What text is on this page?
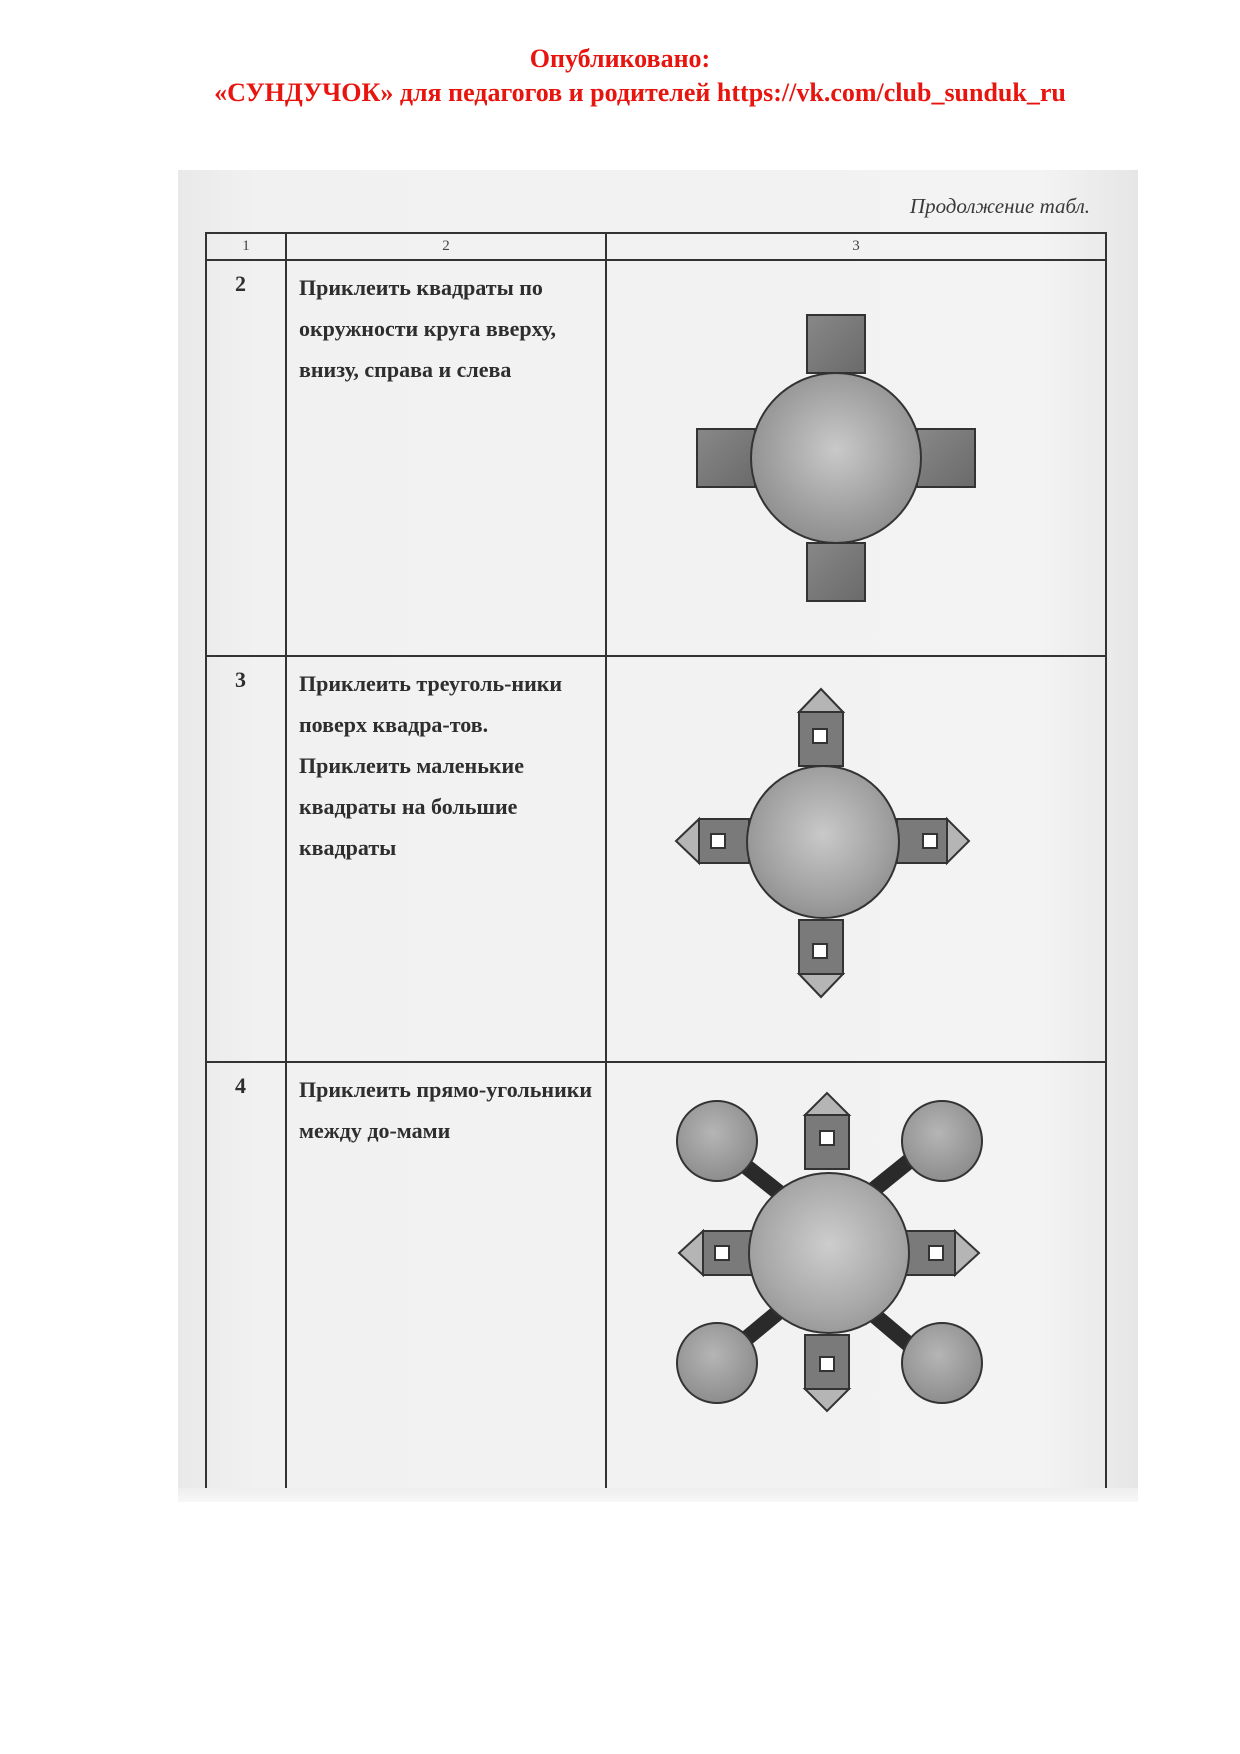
Опубликовано:
«СУНДУЧОК» для педагогов и родителей https://vk.com/club_sunduk_ru
Продолжение табл.
1	2	3
2	Приклеить квадраты по окружности круга вверху, внизу, справа и слева

3	Приклеить треуголь-ники поверх квадра-тов.

Приклеить маленькие квадраты на большие квадраты

4	Приклеить прямо-угольники между до-мами
